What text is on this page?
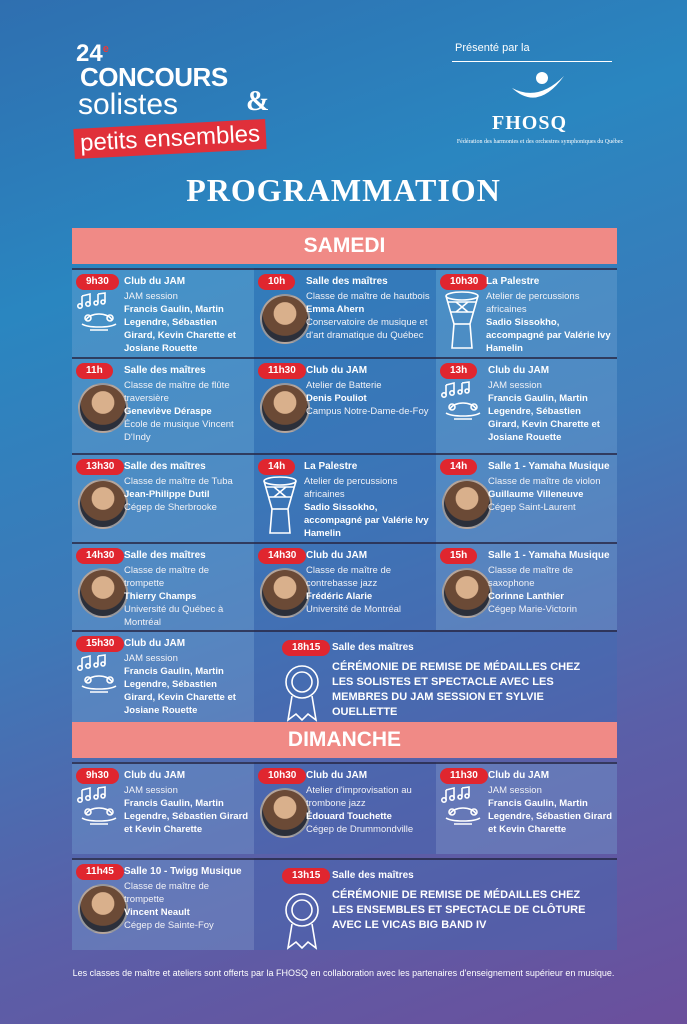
24e
CONCOURS
solistes &
petits ensembles
Présenté par la
FHOSQ
Fédération des harmonies et des orchestres symphoniques du Québec
PROGRAMMATION
SAMEDI
9h30	Club du JAM
JAM session
Francis Gaulin, Martin Legendre, Sébastien Girard, Kevin Charette et Josiane Rouette
10h	Salle des maîtres
Classe de maître de hautbois
Emma Ahern
Conservatoire de musique et d'art dramatique du Québec
10h30 La Palestre
Atelier de percussions africaines
Sadio Sissokho, accompagné par Valérie Ivy Hamelin
11h	Salle des maîtres
Classe de maître de flûte traversière
Geneviève Déraspe
École de musique Vincent D'Indy
11h30	Club du JAM
Atelier de Batterie
Denis Pouliot
Campus Notre-Dame-de-Foy
13h	Club du JAM
JAM session
Francis Gaulin, Martin Legendre, Sébastien Girard, Kevin Charette et Josiane Rouette
13h30 Salle des maîtres
Classe de maître de Tuba
Jean-Philippe Dutil
Cégep de Sherbrooke
14h	La Palestre
Atelier de percussions africaines
Sadio Sissokho, accompagné par Valérie Ivy Hamelin
14h	Salle 1 - Yamaha Musique
Classe de maître de violon
Guillaume Villeneuve
Cégep Saint-Laurent
14h30 Salle des maîtres
Classe de maître de trompette
Thierry Champs
Université du Québec à Montréal
14h30 Club du JAM
Classe de maître de contrebasse jazz
Frédéric Alarie
Université de Montréal
15h	Salle 1 - Yamaha Musique
Classe de maître de saxophone
Corinne Lanthier
Cégep Marie-Victorin
15h30 Club du JAM
JAM session
Francis Gaulin, Martin Legendre, Sébastien Girard, Kevin Charette et Josiane Rouette
18h15	Salle des maîtres
CÉRÉMONIE DE REMISE DE MÉDAILLES CHEZ LES SOLISTES ET SPECTACLE AVEC LES MEMBRES DU JAM SESSION ET SYLVIE OUELLETTE
9h30	Club du JAM
JAM session
Francis Gaulin, Martin Legendre, Sébastien Girard et Kevin Charette
10h30 Club du JAM
Atelier d'improvisation au trombone jazz
Édouard Touchette
Cégep de Drummondville
11h30	Club du JAM
JAM session
Francis Gaulin, Martin Legendre, Sébastien Girard et Kevin Charette
11h45	Salle 10 - Twigg Musique
Classe de maître de trompette
Vincent Neault
Cégep de Sainte-Foy
13h15	Salle des maîtres
CÉRÉMONIE DE REMISE DE MÉDAILLES CHEZ LES ENSEMBLES ET SPECTACLE DE CLÔTURE AVEC LE VICAS BIG BAND IV
DIMANCHE
Les classes de maître et ateliers sont offerts par la FHOSQ en collaboration avec les partenaires d'enseignement supérieur en musique.
